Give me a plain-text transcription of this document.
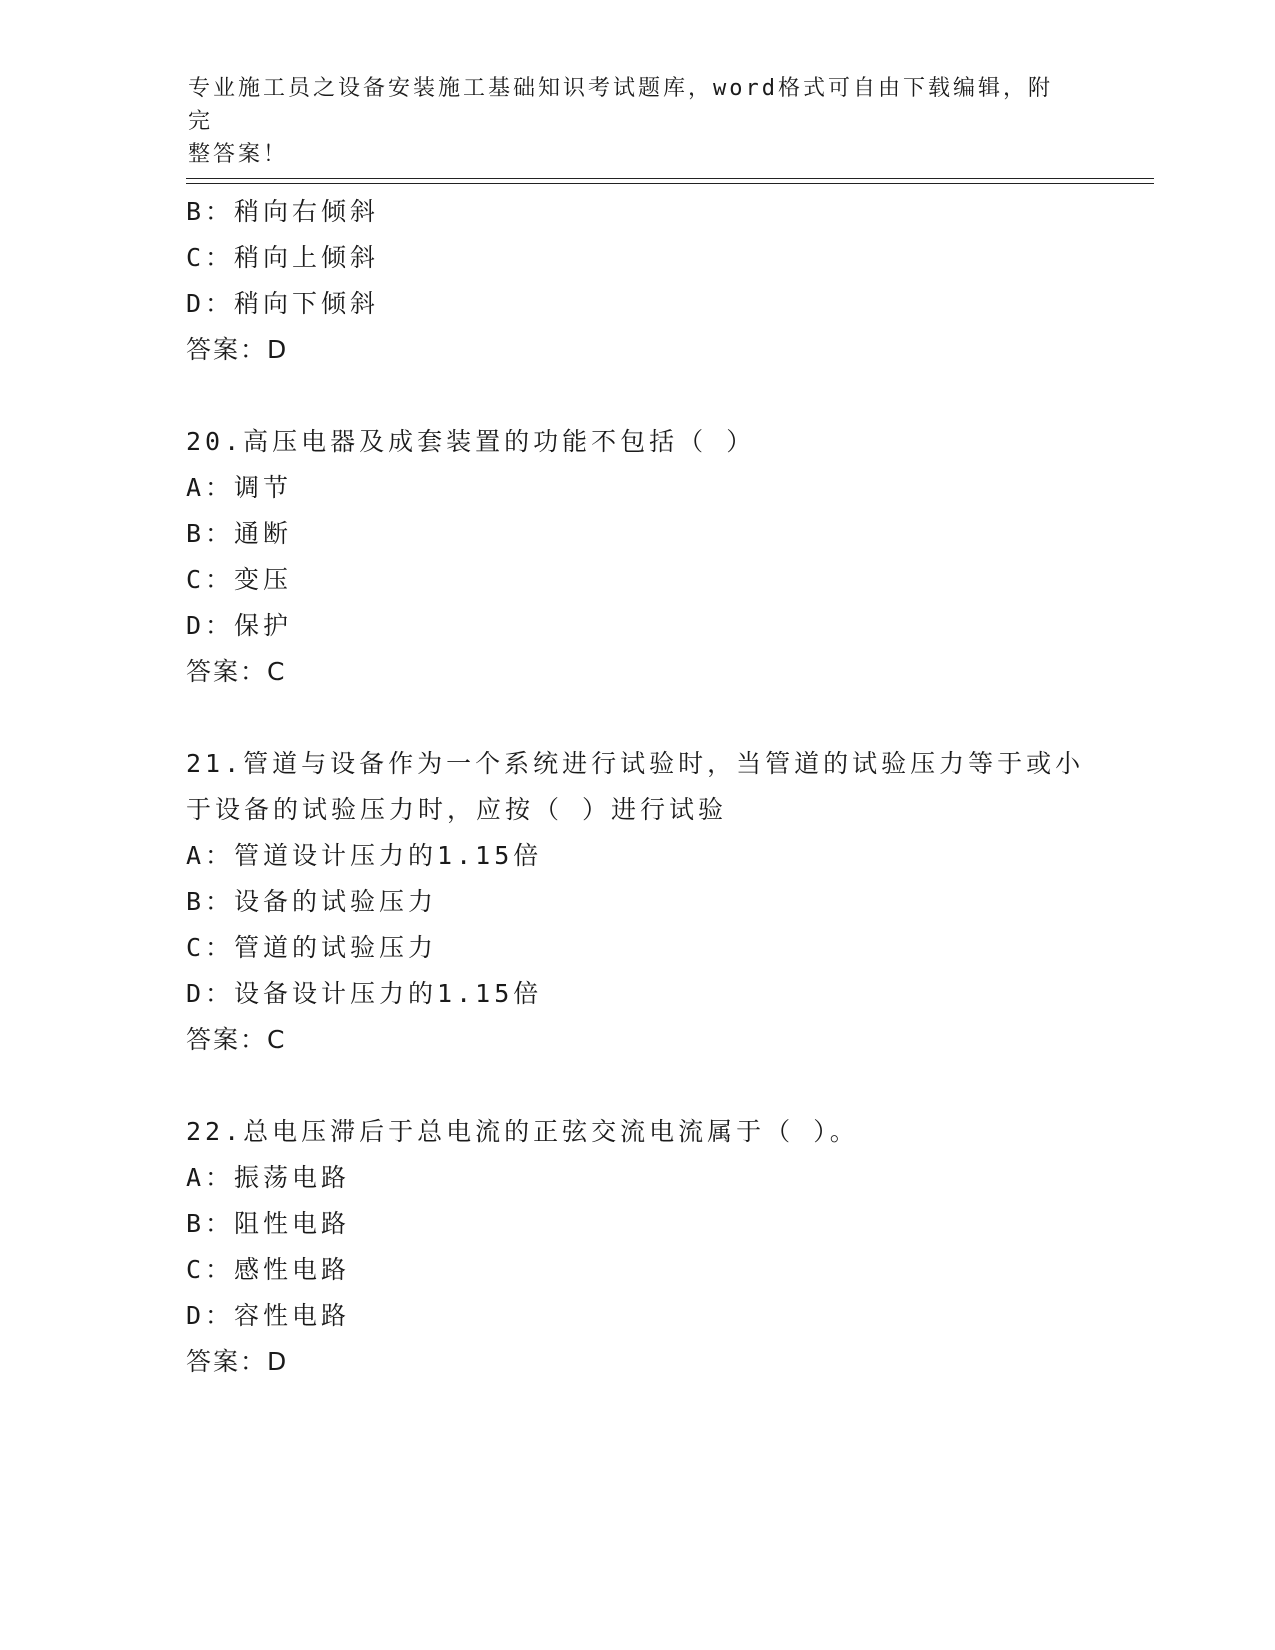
专业施工员之设备安装施工基础知识考试题库，word格式可自由下载编辑，附完
整答案！
B：稍向右倾斜
C：稍向上倾斜
D：稍向下倾斜
答案：D
20.高压电器及成套装置的功能不包括（ ）
A：调节
B：通断
C：变压
D：保护
答案：C
21.管道与设备作为一个系统进行试验时，当管道的试验压力等于或小
于设备的试验压力时，应按（ ）进行试验
A：管道设计压力的1.15倍
B：设备的试验压力
C：管道的试验压力
D：设备设计压力的1.15倍
答案：C
22.总电压滞后于总电流的正弦交流电流属于（ ）。
A：振荡电路
B：阻性电路
C：感性电路
D：容性电路
答案：D
